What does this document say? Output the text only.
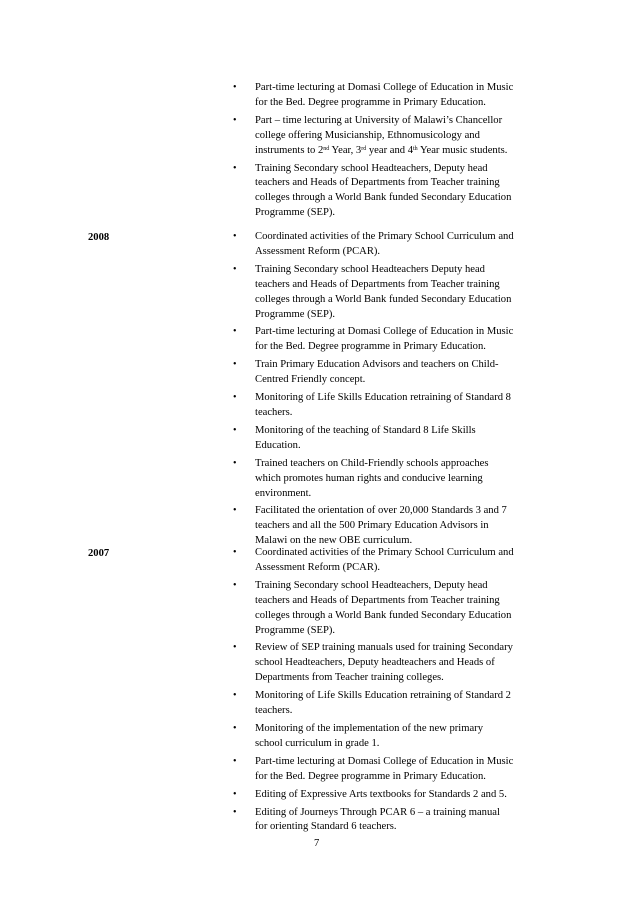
• Part-time lecturing at Domasi College of Education in Music
for the Bed. Degree programme in Primary Education.
• Part – time lecturing at University of Malawi’s Chancellor
college offering Musicianship, Ethnomusicology and
instruments to 2nd Year, 3rd year and 4th Year music students.
• Training Secondary school Headteachers, Deputy head
teachers and Heads of Departments from Teacher training
colleges through a World Bank funded Secondary Education
Programme (SEP).
2008	• Coordinated activities of the Primary School Curriculum and
Assessment Reform (PCAR).
• Training Secondary school Headteachers Deputy head
teachers and Heads of Departments from Teacher training
colleges through a World Bank funded Secondary Education
Programme (SEP).
• Part-time lecturing at Domasi College of Education in Music
for the Bed. Degree programme in Primary Education.
• Train Primary Education Advisors and teachers on Child-
Centred Friendly concept.
• Monitoring of Life Skills Education retraining of Standard 8
teachers.
• Monitoring of the teaching of Standard 8 Life Skills
Education.
• Trained teachers on Child-Friendly schools approaches
which promotes human rights and conducive learning
environment.
• Facilitated the orientation of over 20,000 Standards 3 and 7
teachers and all the 500 Primary Education Advisors in
Malawi on the new OBE curriculum.
2007	• Coordinated activities of the Primary School Curriculum and
Assessment Reform (PCAR).
• Training Secondary school Headteachers, Deputy head
teachers and Heads of Departments from Teacher training
colleges through a World Bank funded Secondary Education
Programme (SEP).
• Review of SEP training manuals used for training Secondary
school Headteachers, Deputy headteachers and Heads of
Departments from Teacher training colleges.
• Monitoring of Life Skills Education retraining of Standard 2
teachers.
• Monitoring of the implementation of the new primary
school curriculum in grade 1.
• Part-time lecturing at Domasi College of Education in Music
for the Bed. Degree programme in Primary Education.
• Editing of Expressive Arts textbooks for Standards 2 and 5.
• Editing of Journeys Through PCAR 6 – a training manual
for orienting Standard 6 teachers.
7
